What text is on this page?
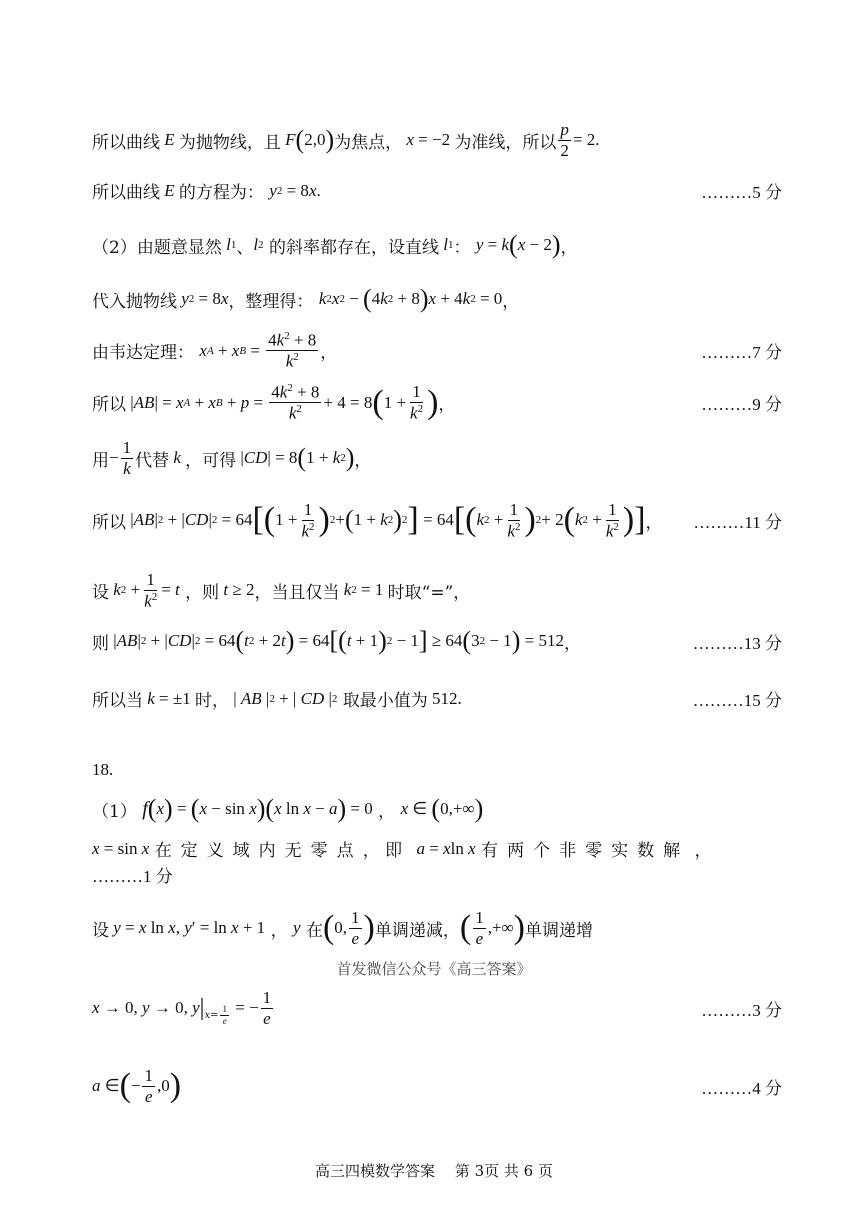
所以曲线 E 为抛物线，且 F ( 2,0 ) 为焦点， x = −2 为准线，所以 $\frac{p}{2} = 2$.
所以曲线 E 的方程为： y 2 = 8 x .	………5 分
（2）由题意显然 l 1 、 l 2 的斜率都存在，设直线 l 1 ： y = k ( x − 2 ) ，
代入抛物线 y 2 = 8 x ，整理得： k 2 x 2 − ( 4 k 2 + 8 ) x + 4 k 2 = 0 ，
由韦达定理： x A + x $B = \frac{4k^2 + 8}{k^2}$ ，	………7 分
所以 | AB | = x A + x $B + p = \frac{4k^2 + 8}{k^2} + 4 = 8$ ( $1 + \frac{1}{k^2}$ ) ，	………9 分
用 − $\frac{1}{k}$ 代替 k ，可得 | CD | = 8 ( 1 + k 2 ) ，
所以 | AB | 2 + | CD | 2 = 64 [ ( $1 + \frac{1}{k^2}$ ) 2 + ( 1 + k 2 ) 2 ] = 64 [ ( k $2 + \frac{1}{k^2}$ ) 2 + 2 ( k $2 + \frac{1}{k^2}$ ) ] ， ………11 分
设 k $2 + \frac{1}{k^2} = t$ ，则 t ≥ 2 ，当且仅当 k 2 = 1 时取“=”，
则 | AB | 2 + | CD | 2 = 64 ( t 2 + 2 t ) = 64 [ ( t + 1 ) 2 − 1 ] ≥ 64 ( 3 2 − 1 ) = 512 ，	………13 分
所以当 k = ±1 时， | AB | 2 + | CD | 2 取最小值为 512.	………15 分
18.
（1） f ( x ) = ( x − sin x )( x ln x − a ) = 0 ， x ∈ ( 0,+∞ )
x = sin x
在定义域内无零点 ， 即
a = x ln x
有两个非零实数解 ，
………1 分
设 y = x ln x , y ′ = ln x + 1 ， y 在 ( 0, $\frac{1}{e}$ ) 单调递减， ( $\frac{1}{e}$ ,+∞ ) 单调递增
首发微信公众号《高三答案》
x → 0, y → 0, y | $x = \frac{1}{e}$ = − $\frac{1}{e}$	………3 分
a ∈ ( − $\frac{1}{e} ,0$ )	………4 分
高三四模数学答案　 第 3页 共 6 页
